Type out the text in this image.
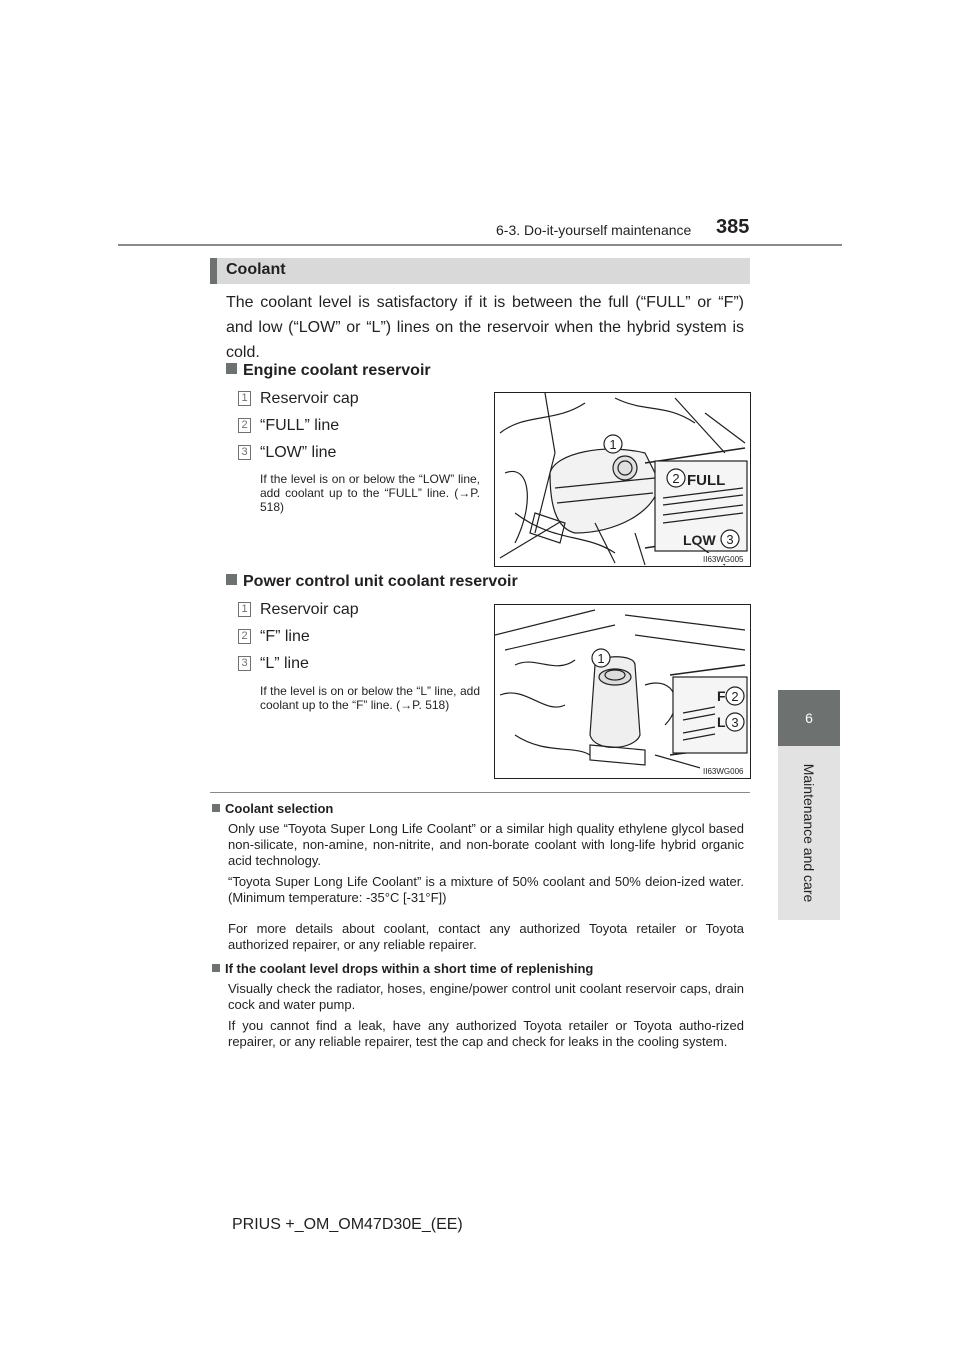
6-3. Do-it-yourself maintenance 385
6
Maintenance and care
Coolant
The coolant level is satisfactory if it is between the full (“FULL” or “F”) and low (“LOW” or “L”) lines on the reservoir when the hybrid system is cold.
Engine coolant reservoir
1 Reservoir cap
2 “FULL” line
3 “LOW” line
If the level is on or below the “LOW” line, add coolant up to the “FULL” line. (→P. 518)
1
2 FULL
LOW 3
II63WG005
Power control unit coolant reservoir
1 Reservoir cap
2 “F” line
3 “L” line
If the level is on or below the “L” line, add coolant up to the “F” line. (→P. 518)
1
F 2
L 3
II63WG006
Coolant selection
Only use “Toyota Super Long Life Coolant” or a similar high quality ethylene glycol based non-silicate, non-amine, non-nitrite, and non-borate coolant with long-life hybrid organic acid technology.
“Toyota Super Long Life Coolant” is a mixture of 50% coolant and 50% deion-ized water. (Minimum temperature: -35°C [-31°F])
For more details about coolant, contact any authorized Toyota retailer or Toyota authorized repairer, or any reliable repairer.
If the coolant level drops within a short time of replenishing
Visually check the radiator, hoses, engine/power control unit coolant reservoir caps, drain cock and water pump.
If you cannot find a leak, have any authorized Toyota retailer or Toyota autho-rized repairer, or any reliable repairer, test the cap and check for leaks in the cooling system.
PRIUS +_OM_OM47D30E_(EE)
